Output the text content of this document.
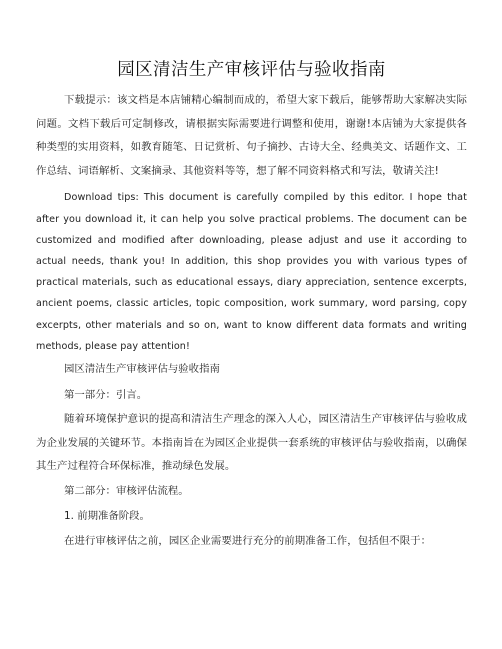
园区清洁生产审核评估与验收指南

下载提示：该文档是本店铺精心编制而成的，希望大家下载后，能够帮助大家解决实际问题。文档下载后可定制修改，请根据实际需要进行调整和使用，谢谢!本店铺为大家提供各种类型的实用资料，如教育随笔、日记赏析、句子摘抄、古诗大全、经典美文、话题作文、工作总结、词语解析、文案摘录、其他资料等等，想了解不同资料格式和写法，敬请关注!

Download tips: This document is carefully compiled by this editor. I hope that after you download it, it can help you solve practical problems. The document can be customized and modified after downloading, please adjust and use it according to actual needs, thank you! In addition, this shop provides you with various types of practical materials, such as educational essays, diary appreciation, sentence excerpts, ancient poems, classic articles, topic composition, work summary, word parsing, copy excerpts, other materials and so on, want to know different data formats and writing methods, please pay attention!

园区清洁生产审核评估与验收指南

第一部分：引言。

随着环境保护意识的提高和清洁生产理念的深入人心，园区清洁生产审核评估与验收成为企业发展的关键环节。本指南旨在为园区企业提供一套系统的审核评估与验收指南，以确保其生产过程符合环保标准，推动绿色发展。

第二部分：审核评估流程。

1. 前期准备阶段。

在进行审核评估之前，园区企业需要进行充分的前期准备工作，包括但不限于：
